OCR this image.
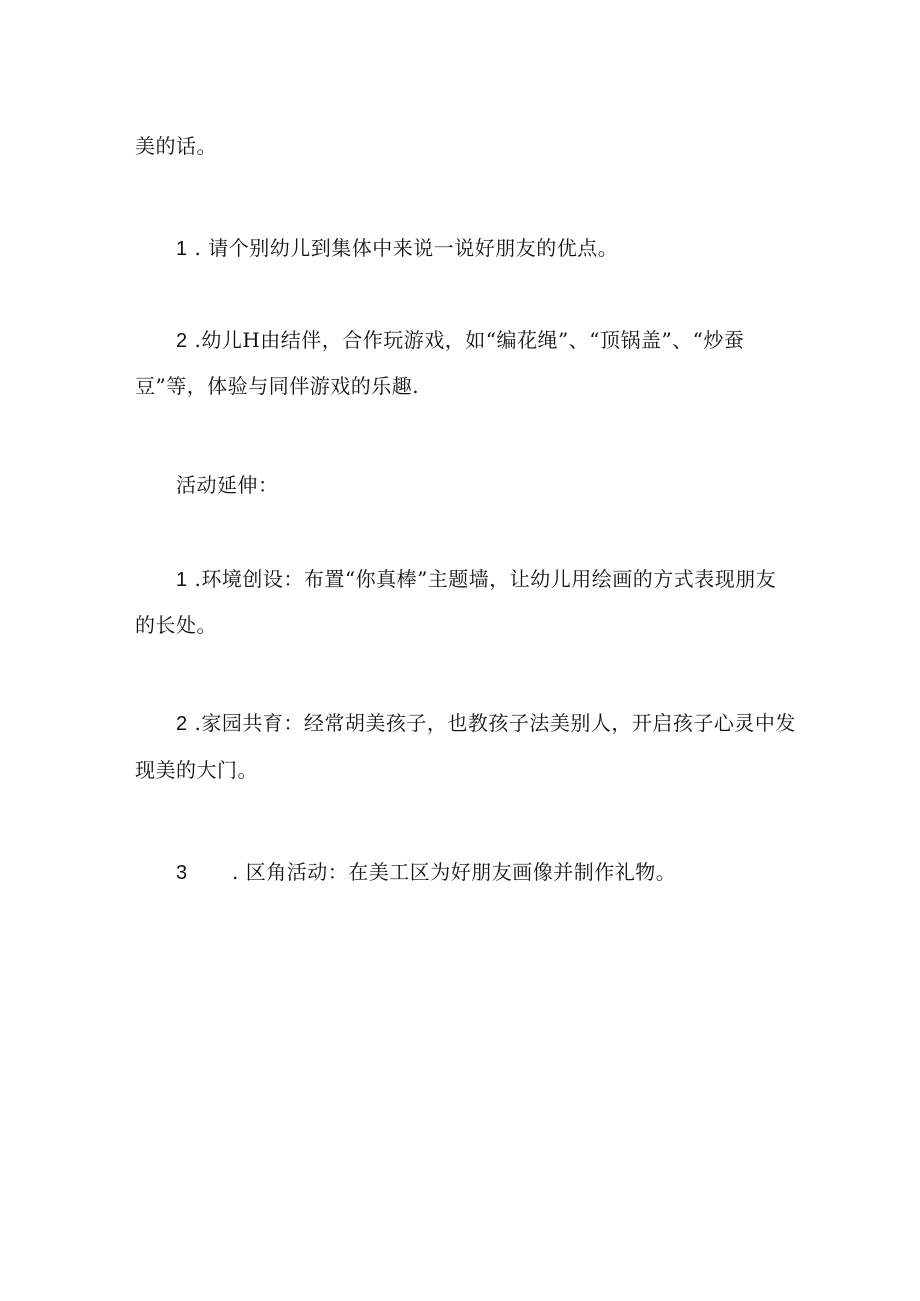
美的话。
1 . 请个别幼儿到集体中来说一说好朋友的优点。
2 .幼儿H由结伴，合作玩游戏，如“编花绳”、“顶锅盖”、“炒蚕
豆”等，体验与同伴游戏的乐趣.
活动延伸：
1 .环境创设：布置“你真棒”主题墙，让幼儿用绘画的方式表现朋友
的长处。
2 .家园共育：经常胡美孩子，也教孩子法美别人，开启孩子心灵中发
现美的大门。
3 . 区角活动：在美工区为好朋友画像并制作礼物。
